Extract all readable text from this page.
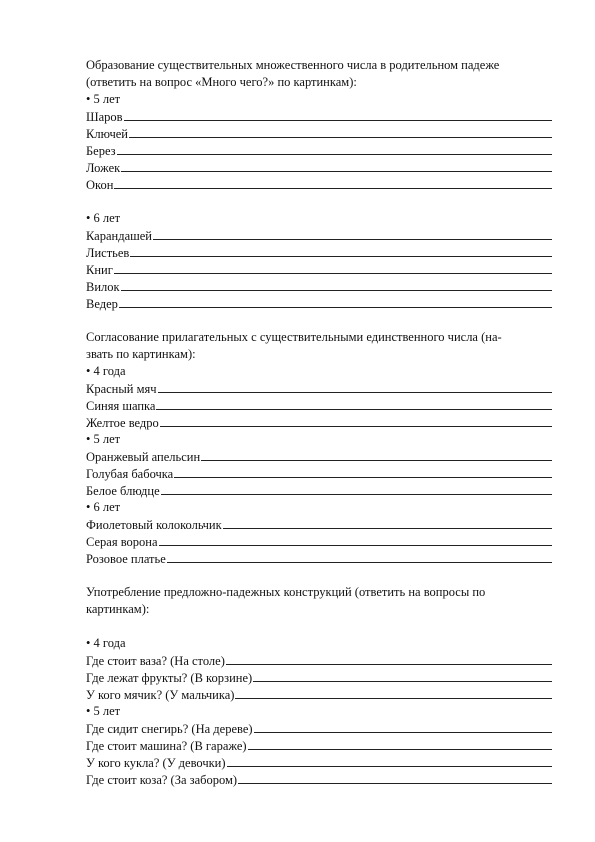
Образование существительных множественного числа в родительном падеже
(ответить на вопрос «Много чего?» по картинкам):
• 5 лет
Шаров
Ключей
Берез
Ложек
Окон
• 6 лет
Карандашей
Листьев
Книг
Вилок
Ведер
Согласование прилагательных с существительными единственного числа (на-
звать по картинкам):
• 4 года
Красный мяч
Синяя шапка
Желтое ведро
• 5 лет
Оранжевый апельсин
Голубая бабочка
Белое блюдце
• 6 лет
Фиолетовый колокольчик
Серая ворона
Розовое платье
Употребление предложно-падежных конструкций (ответить на вопросы по
картинкам):
• 4 года
Где стоит ваза? (На столе)
Где лежат фрукты? (В корзине)
У кого мячик? (У мальчика)
• 5 лет
Где сидит снегирь? (На дереве)
Где стоит машина? (В гараже)
У кого кукла? (У девочки)
Где стоит коза? (За забором)
